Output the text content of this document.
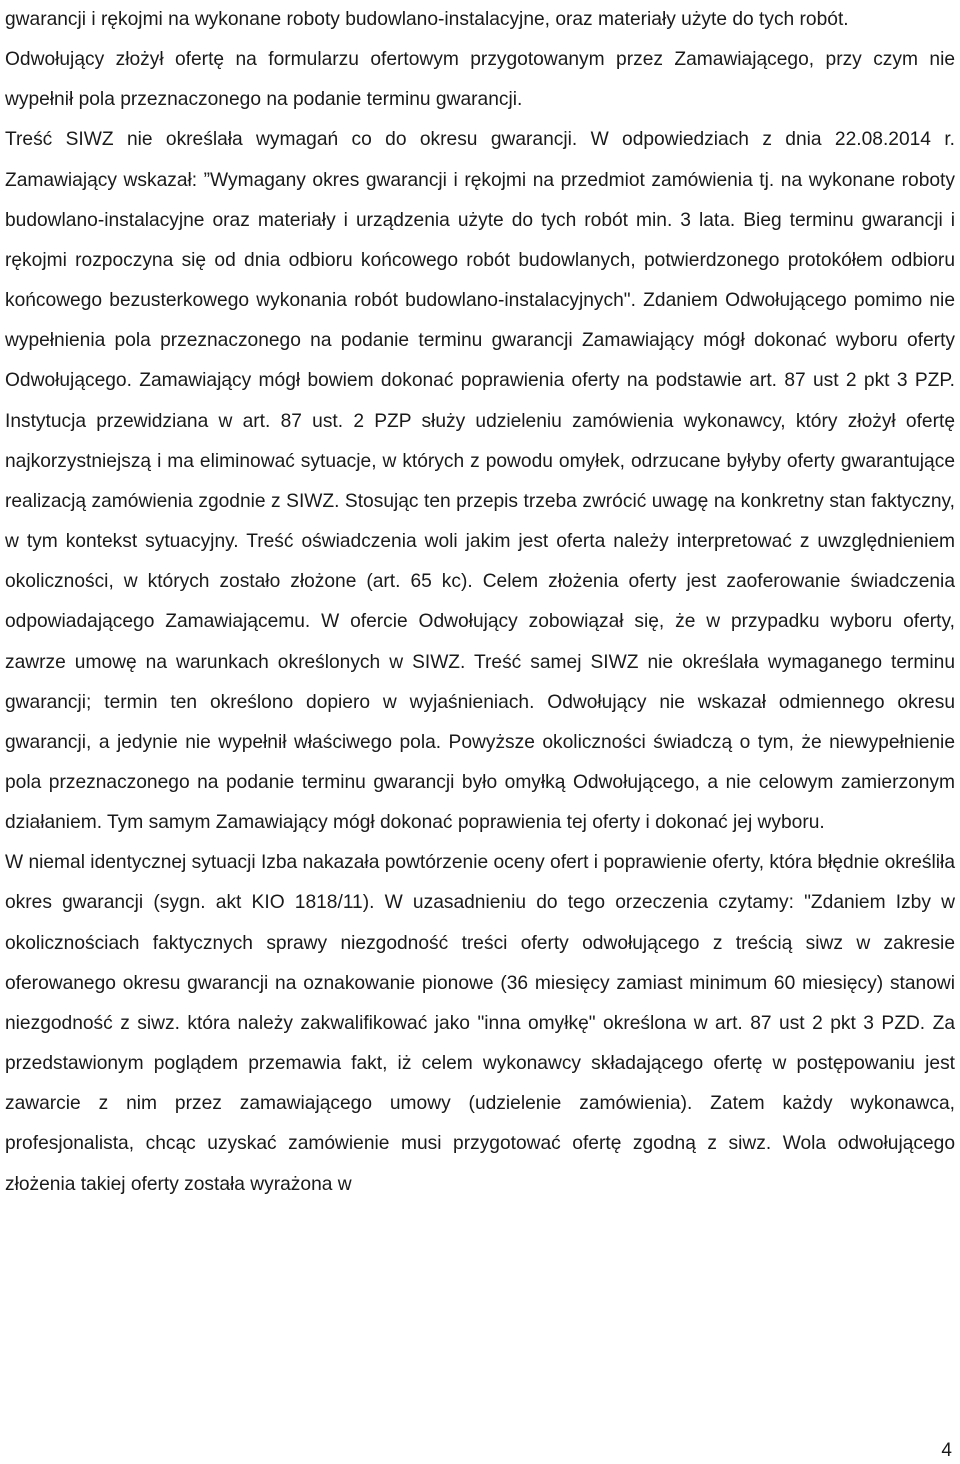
gwarancji i rękojmi na wykonane roboty budowlano-instalacyjne, oraz materiały użyte do tych robót.

Odwołujący złożył ofertę na formularzu ofertowym przygotowanym przez Zamawiającego, przy czym nie wypełnił pola przeznaczonego na podanie terminu gwarancji.

Treść SIWZ nie określała wymagań co do okresu gwarancji. W odpowiedziach z dnia 22.08.2014 r. Zamawiający wskazał: ”Wymagany okres gwarancji i rękojmi na przedmiot zamówienia tj. na wykonane roboty budowlano-instalacyjne oraz materiały i urządzenia użyte do tych robót min. 3 lata. Bieg terminu gwarancji i rękojmi rozpoczyna się od dnia odbioru końcowego robót budowlanych, potwierdzonego protokółem odbioru końcowego bezusterkowego wykonania robót budowlano-instalacyjnych". Zdaniem Odwołującego pomimo nie wypełnienia pola przeznaczonego na podanie terminu gwarancji Zamawiający mógł dokonać wyboru oferty Odwołującego. Zamawiający mógł bowiem dokonać poprawienia oferty na podstawie art. 87 ust 2 pkt 3 PZP. Instytucja przewidziana w art. 87 ust. 2 PZP służy udzieleniu zamówienia wykonawcy, który złożył ofertę najkorzystniejszą i ma eliminować sytuacje, w których z powodu omyłek, odrzucane byłyby oferty gwarantujące realizacją zamówienia zgodnie z SIWZ. Stosując ten przepis trzeba zwrócić uwagę na konkretny stan faktyczny, w tym kontekst sytuacyjny. Treść oświadczenia woli jakim jest oferta należy interpretować z uwzględnieniem okoliczności, w których zostało złożone (art. 65 kc). Celem złożenia oferty jest zaoferowanie świadczenia odpowiadającego Zamawiającemu. W ofercie Odwołujący zobowiązał się, że w przypadku wyboru oferty, zawrze umowę na warunkach określonych w SIWZ. Treść samej SIWZ nie określała wymaganego terminu gwarancji; termin ten określono dopiero w wyjaśnieniach. Odwołujący nie wskazał odmiennego okresu gwarancji, a jedynie nie wypełnił właściwego pola. Powyższe okoliczności świadczą o tym, że niewypełnienie pola przeznaczonego na podanie terminu gwarancji było omyłką Odwołującego, a nie celowym zamierzonym działaniem. Tym samym Zamawiający mógł dokonać poprawienia tej oferty i dokonać jej wyboru.

W niemal identycznej sytuacji Izba nakazała powtórzenie oceny ofert i poprawienie oferty, która błędnie określiła okres gwarancji (sygn. akt KIO 1818/11). W uzasadnieniu do tego orzeczenia czytamy: "Zdaniem Izby w okolicznościach faktycznych sprawy niezgodność treści oferty odwołującego z treścią siwz w zakresie oferowanego okresu gwarancji na oznakowanie pionowe (36 miesięcy zamiast minimum 60 miesięcy) stanowi niezgodność z siwz. która należy zakwalifikować jako "inna omyłkę" określona w art. 87 ust 2 pkt 3 PZD. Za przedstawionym poglądem przemawia fakt, iż celem wykonawcy składającego ofertę w postępowaniu jest zawarcie z nim przez zamawiającego umowy (udzielenie zamówienia). Zatem każdy wykonawca, profesjonalista, chcąc uzyskać zamówienie musi przygotować ofertę zgodną z siwz. Wola odwołującego złożenia takiej oferty została wyrażona w

4
